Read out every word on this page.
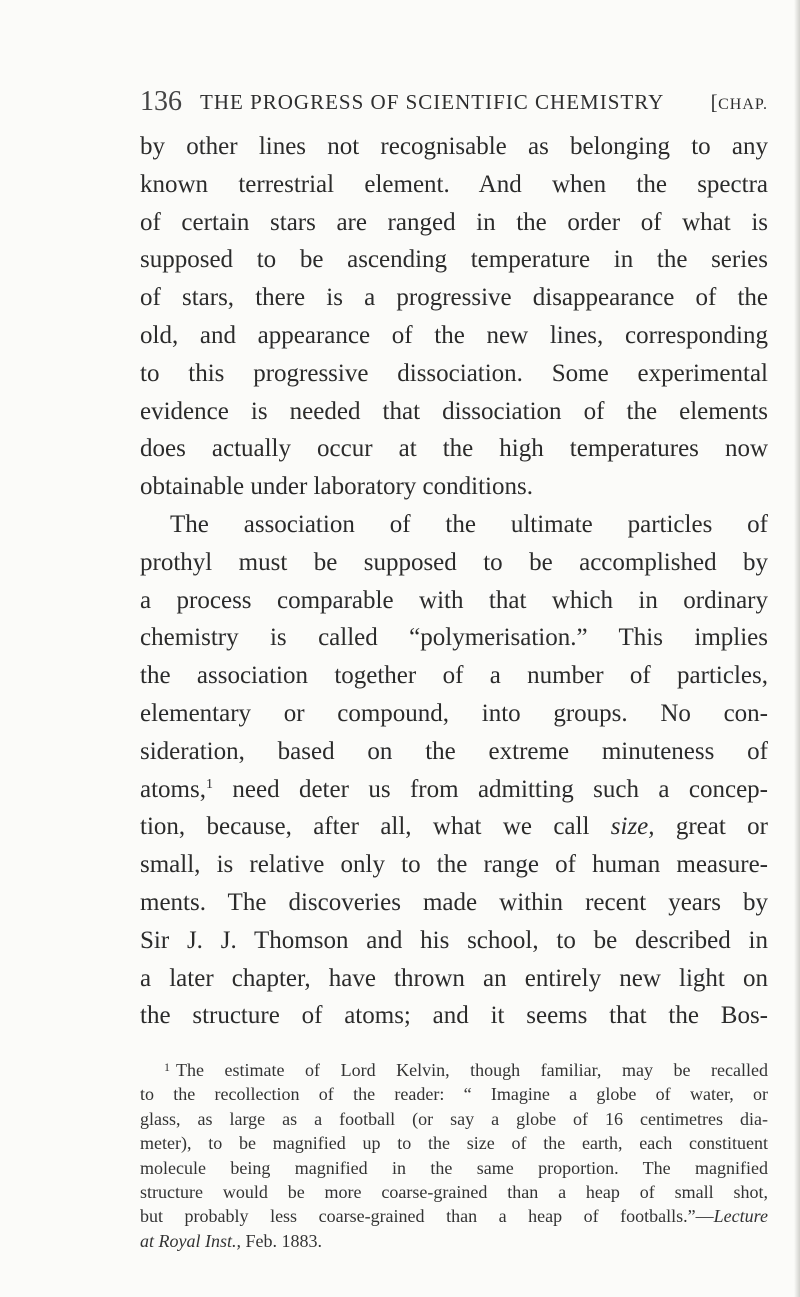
136 THE PROGRESS OF SCIENTIFIC CHEMISTRY [CHAP.
by other lines not recognisable as belonging to any
known terrestrial element. And when the spectra
of certain stars are ranged in the order of what is
supposed to be ascending temperature in the series
of stars, there is a progressive disappearance of the
old, and appearance of the new lines, corresponding
to this progressive dissociation. Some experimental
evidence is needed that dissociation of the elements
does actually occur at the high temperatures now
obtainable under laboratory conditions.
The association of the ultimate particles of
prothyl must be supposed to be accomplished by
a process comparable with that which in ordinary
chemistry is called “polymerisation.” This implies
the association together of a number of particles,
elementary or compound, into groups. No con-
sideration, based on the extreme minuteness of
atoms,$^1$ need deter us from admitting such a concep-
tion, because, after all, what we call size, great or
small, is relative only to the range of human measure-
ments. The discoveries made within recent years by
Sir J. J. Thomson and his school, to be described in
a later chapter, have thrown an entirely new light on
the structure of atoms; and it seems that the Bos-
$^1$ The estimate of Lord Kelvin, though familiar, may be recalled
to the recollection of the reader: “ Imagine a globe of water, or
glass, as large as a football (or say a globe of 16 centimetres dia-
meter), to be magnified up to the size of the earth, each constituent
molecule being magnified in the same proportion. The magnified
structure would be more coarse-grained than a heap of small shot,
but probably less coarse-grained than a heap of footballs.”—Lecture
at Royal Inst., Feb. 1883.
